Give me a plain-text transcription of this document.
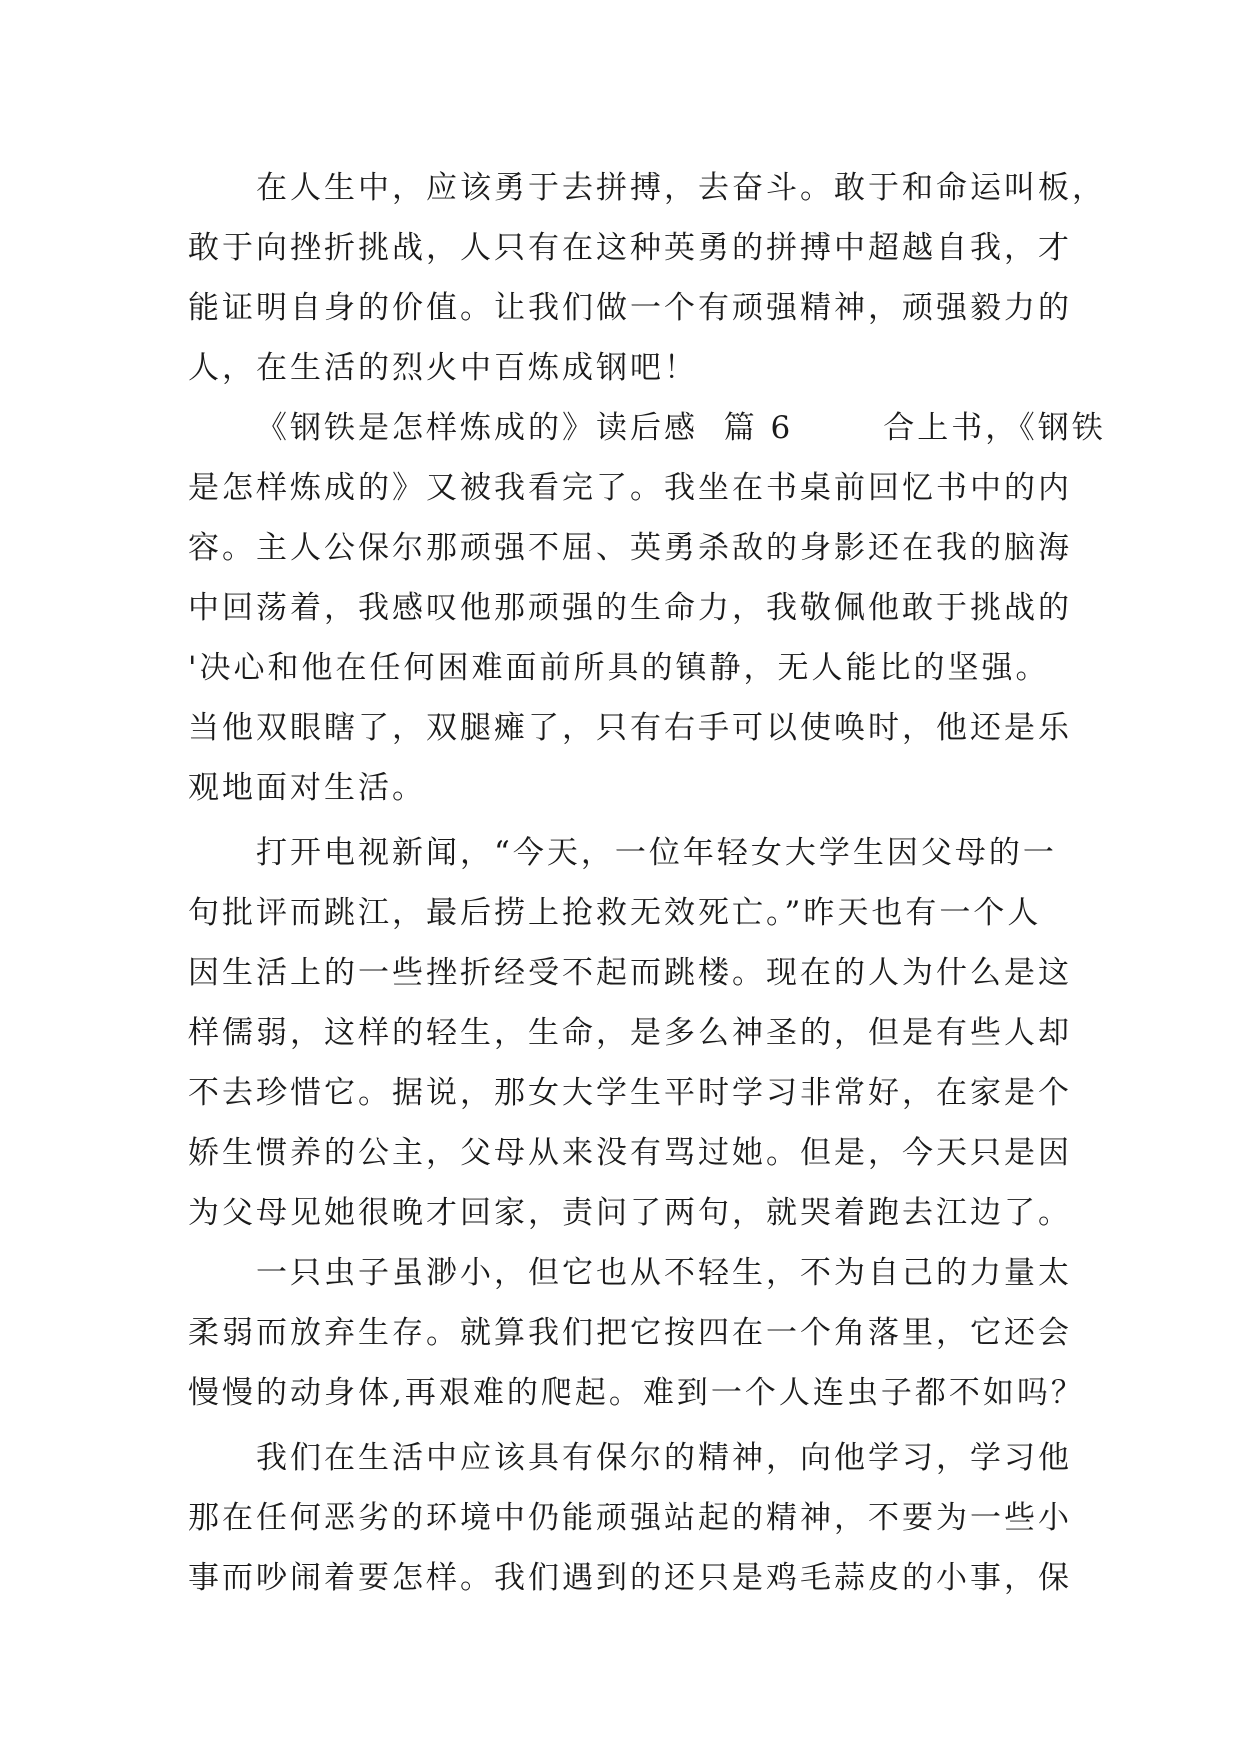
在人生中，应该勇于去拼搏，去奋斗。敢于和命运叫板，
敢于向挫折挑战，人只有在这种英勇的拼搏中超越自我，才
能证明自身的价值。让我们做一个有顽强精神，顽强毅力的
人，在生活的烈火中百炼成钢吧！
《钢铁是怎样炼成的》读后感  篇 6       合上书，《钢铁
是怎样炼成的》又被我看完了。我坐在书桌前回忆书中的内
容。主人公保尔那顽强不屈、英勇杀敌的身影还在我的脑海
中回荡着，我感叹他那顽强的生命力，我敬佩他敢于挑战的
'决心和他在任何困难面前所具的镇静，无人能比的坚强。
当他双眼瞎了，双腿瘫了，只有右手可以使唤时，他还是乐
观地面对生活。
打开电视新闻，“今天，一位年轻女大学生因父母的一
句批评而跳江，最后捞上抢救无效死亡。”昨天也有一个人
因生活上的一些挫折经受不起而跳楼。现在的人为什么是这
样儒弱，这样的轻生，生命，是多么神圣的，但是有些人却
不去珍惜它。据说，那女大学生平时学习非常好，在家是个
娇生惯养的公主，父母从来没有骂过她。但是，今天只是因
为父母见她很晚才回家，责问了两句，就哭着跑去江边了。
一只虫子虽渺小，但它也从不轻生，不为自己的力量太
柔弱而放弃生存。就算我们把它按四在一个角落里，它还会
慢慢的动身体,再艰难的爬起。难到一个人连虫子都不如吗？
我们在生活中应该具有保尔的精神，向他学习，学习他
那在任何恶劣的环境中仍能顽强站起的精神，不要为一些小
事而吵闹着要怎样。我们遇到的还只是鸡毛蒜皮的小事，保
